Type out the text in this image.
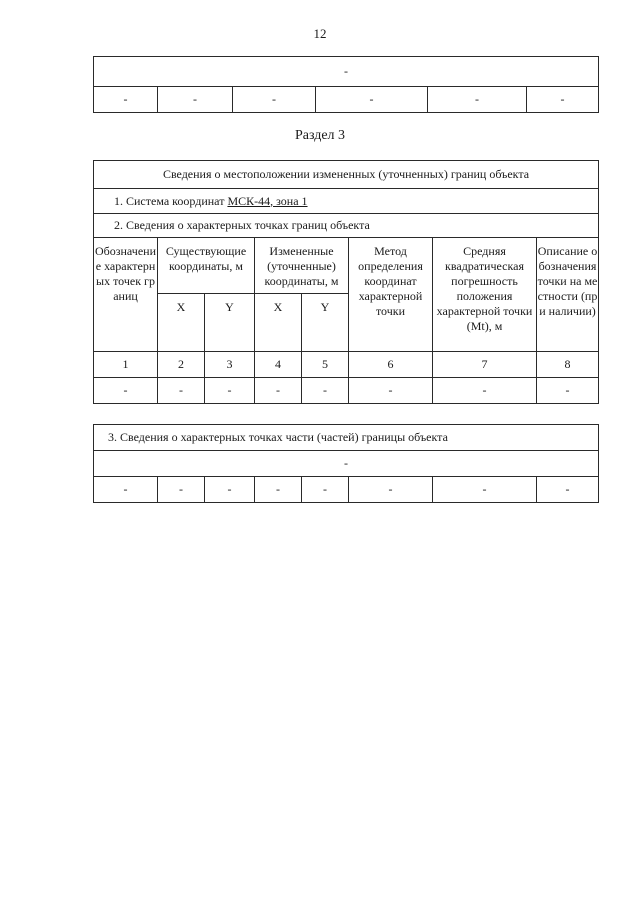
12
-
-	-	-	-	-	-
Раздел 3
Сведения о местоположении измененных (уточненных) границ объекта							
1. Система координат МСК-44, зона 1							
2. Сведения о характерных точках границ объекта							
Обозначение характерных точек границ	Существующие координаты, м		Измененные (уточненные) координаты, м		Метод определения координат характерной точки	Средняя квадратическая погрешность положения характерной точки (Mt), м	Описание обозначения точки на местности (при наличии)
	X	Y	X	Y			
1	2	3	4	5	6	7	8
-	-	-	-	-	-	-	-
3. Сведения о характерных точках части (частей) границы объекта
-
-	-	-	-	-	-	-	-
